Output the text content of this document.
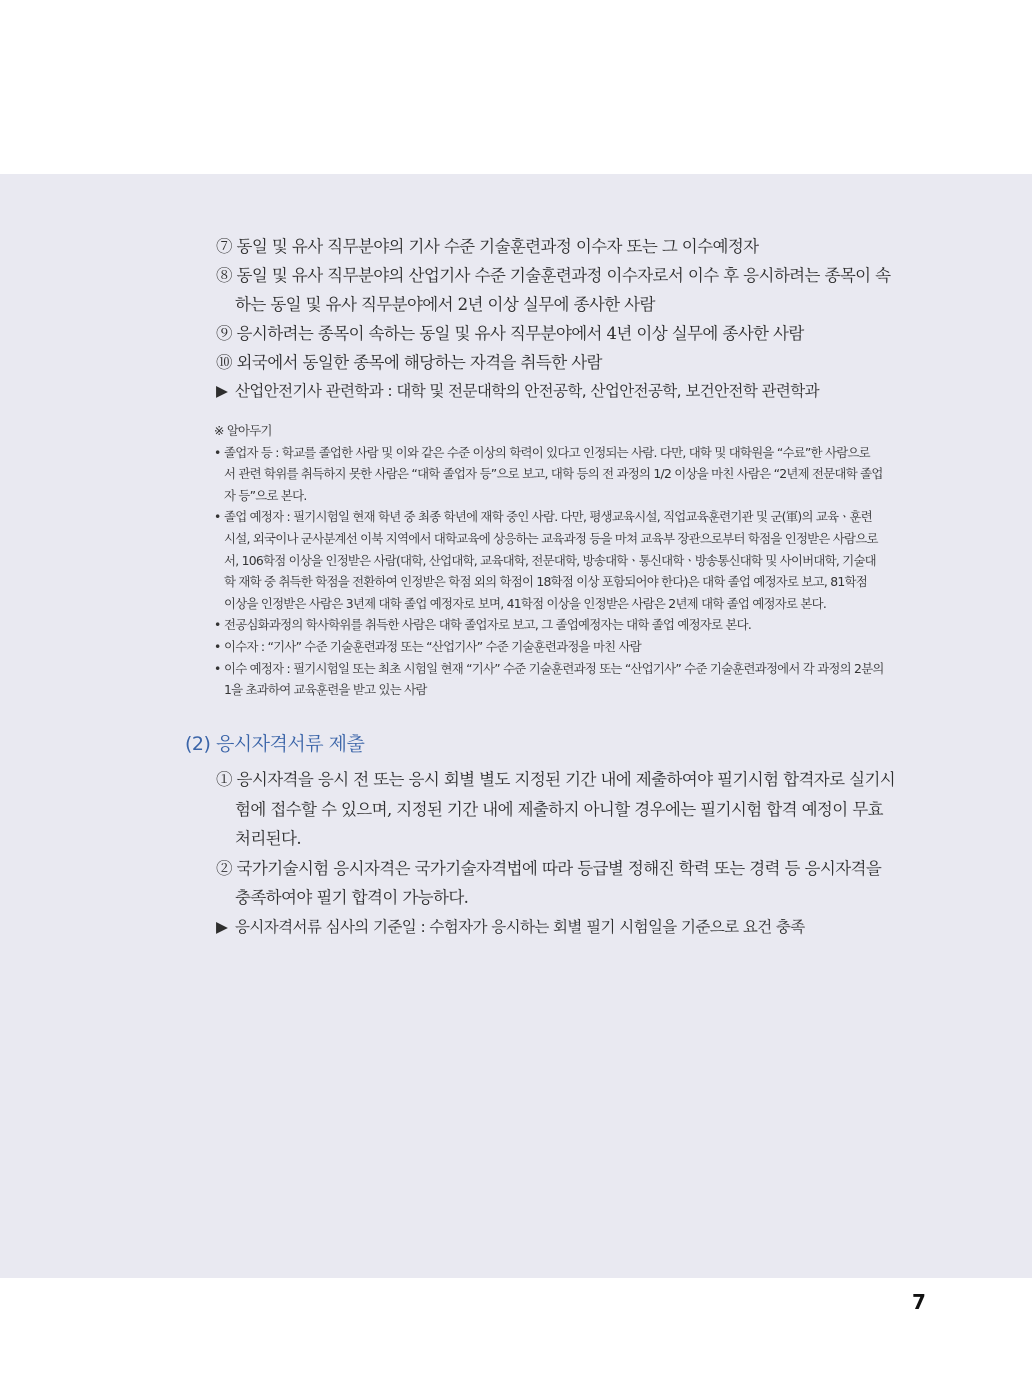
⑦ 동일 및 유사 직무분야의 기사 수준 기술훈련과정 이수자 또는 그 이수예정자
⑧ 동일 및 유사 직무분야의 산업기사 수준 기술훈련과정 이수자로서 이수 후 응시하려는 종목이 속
하는 동일 및 유사 직무분야에서 2년 이상 실무에 종사한 사람
⑨ 응시하려는 종목이 속하는 동일 및 유사 직무분야에서 4년 이상 실무에 종사한 사람
⑩ 외국에서 동일한 종목에 해당하는 자격을 취득한 사람
▶ 산업안전기사 관련학과 : 대학 및 전문대학의 안전공학, 산업안전공학, 보건안전학 관련학과
※ 알아두기
• 졸업자 등 : 학교를 졸업한 사람 및 이와 같은 수준 이상의 학력이 있다고 인정되는 사람. 다만, 대학 및 대학원을 “수료”한 사람으로
서 관련 학위를 취득하지 못한 사람은 “대학 졸업자 등”으로 보고, 대학 등의 전 과정의 1/2 이상을 마친 사람은 “2년제 전문대학 졸업
자 등”으로 본다.
• 졸업 예정자 : 필기시험일 현재 학년 중 최종 학년에 재학 중인 사람. 다만, 평생교육시설, 직업교육훈련기관 및 군(軍)의 교육ㆍ훈련
시설, 외국이나 군사분계선 이북 지역에서 대학교육에 상응하는 교육과정 등을 마쳐 교육부 장관으로부터 학점을 인정받은 사람으로
서, 106학점 이상을 인정받은 사람(대학, 산업대학, 교육대학, 전문대학, 방송대학ㆍ통신대학ㆍ방송통신대학 및 사이버대학, 기술대
학 재학 중 취득한 학점을 전환하여 인정받은 학점 외의 학점이 18학점 이상 포함되어야 한다)은 대학 졸업 예정자로 보고, 81학점
이상을 인정받은 사람은 3년제 대학 졸업 예정자로 보며, 41학점 이상을 인정받은 사람은 2년제 대학 졸업 예정자로 본다.
• 전공심화과정의 학사학위를 취득한 사람은 대학 졸업자로 보고, 그 졸업예정자는 대학 졸업 예정자로 본다.
• 이수자 : “기사” 수준 기술훈련과정 또는 “산업기사” 수준 기술훈련과정을 마친 사람
• 이수 예정자 : 필기시험일 또는 최초 시험일 현재 “기사” 수준 기술훈련과정 또는 “산업기사” 수준 기술훈련과정에서 각 과정의 2분의
1을 초과하여 교육훈련을 받고 있는 사람
(2) 응시자격서류 제출
① 응시자격을 응시 전 또는 응시 회별 별도 지정된 기간 내에 제출하여야 필기시험 합격자로 실기시
험에 접수할 수 있으며, 지정된 기간 내에 제출하지 아니할 경우에는 필기시험 합격 예정이 무효
처리된다.
② 국가기술시험 응시자격은 국가기술자격법에 따라 등급별 정해진 학력 또는 경력 등 응시자격을
충족하여야 필기 합격이 가능하다.
▶ 응시자격서류 심사의 기준일 : 수험자가 응시하는 회별 필기 시험일을 기준으로 요건 충족
7
